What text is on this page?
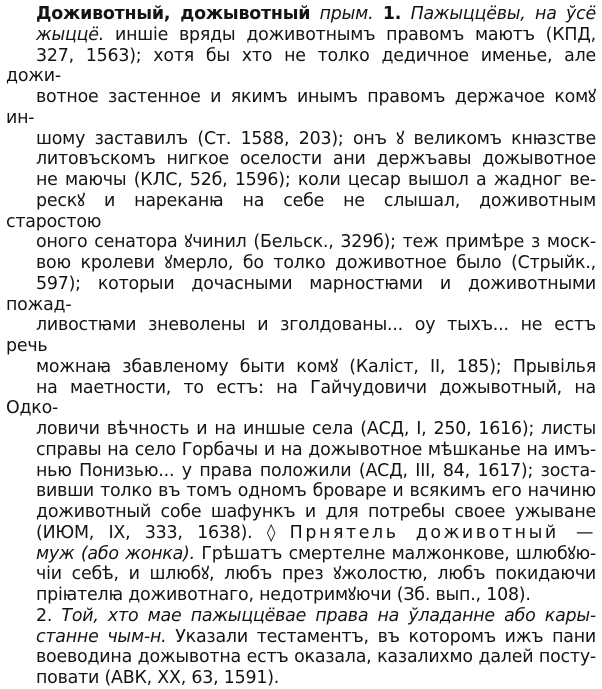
Доживотный, дожывотный прым. 1. Пажыццёвы, на ўсё
жыццё. иншіе вряды доживотнымъ правомъ маютъ (КПД,
327, 1563); хотя бы хто не толко дедичное именье, але дожи-
вотное застенное и якимъ инымъ правомъ держачое комꙋ ин-
шому заставилъ (Ст. 1588, 203); онъ ꙋ великомъ кнꙗзстве
литовъскомъ нигкое оселости ани держъавы дожывотное
не маючы (КЛС, 52б, 1596); коли цесар вышол а жадног ве-
рескꙋ и нареканꙗ на себе не слышал, доживотным старостою
оного сенатора ꙋчинил (Бельск., 329б); теж примѣре з моск-
вою кролеви ꙋмерло, бо толко доживотное было (Стрыйк.,
597); которыи дочасными марностꙗми и доживотными пожад-
ливостꙗми зневолены и зголдованы... оу тыхъ... не естъ речь
можнаꙗ збавленому быти комꙋ (Каліст, II, 185); Прывілья
на маетности, то естъ: на Гайчудовичи дожывотный, на Одко-
ловичи вѣчность и на иншые села (АСД, I, 250, 1616); листы
справы на село Горбачы и на дожывотное мѣшканье на имъ-
нью Понизью... у права положили (АСД, III, 84, 1617); зоста-
вивши толко въ томъ одномъ броваре и всякимъ его начиню
доживотный собе шафункъ и для потребы своее ужыване
(ИЮМ, IX, 333, 1638). ◊ Прнятель доживотный —
муж (або жонка). Грѣшатъ смертелне малжонкове, шлюбꙋю-
чіи себѣ, и шлюбꙋ, любъ през ꙋжолостю, любъ покидаючи
пріꙗтелꙗ доживотнаго, недотримꙋючи (Зб. вып., 108).
2. Той, хто мае пажыццёвае права на ўладанне або кары-
станне чым-н. Указали тестаментъ, въ которомъ ижъ пани
воеводина дожывотна естъ оказала, казалихмо далей посту-
повати (АВК, XX, 63, 1591).
